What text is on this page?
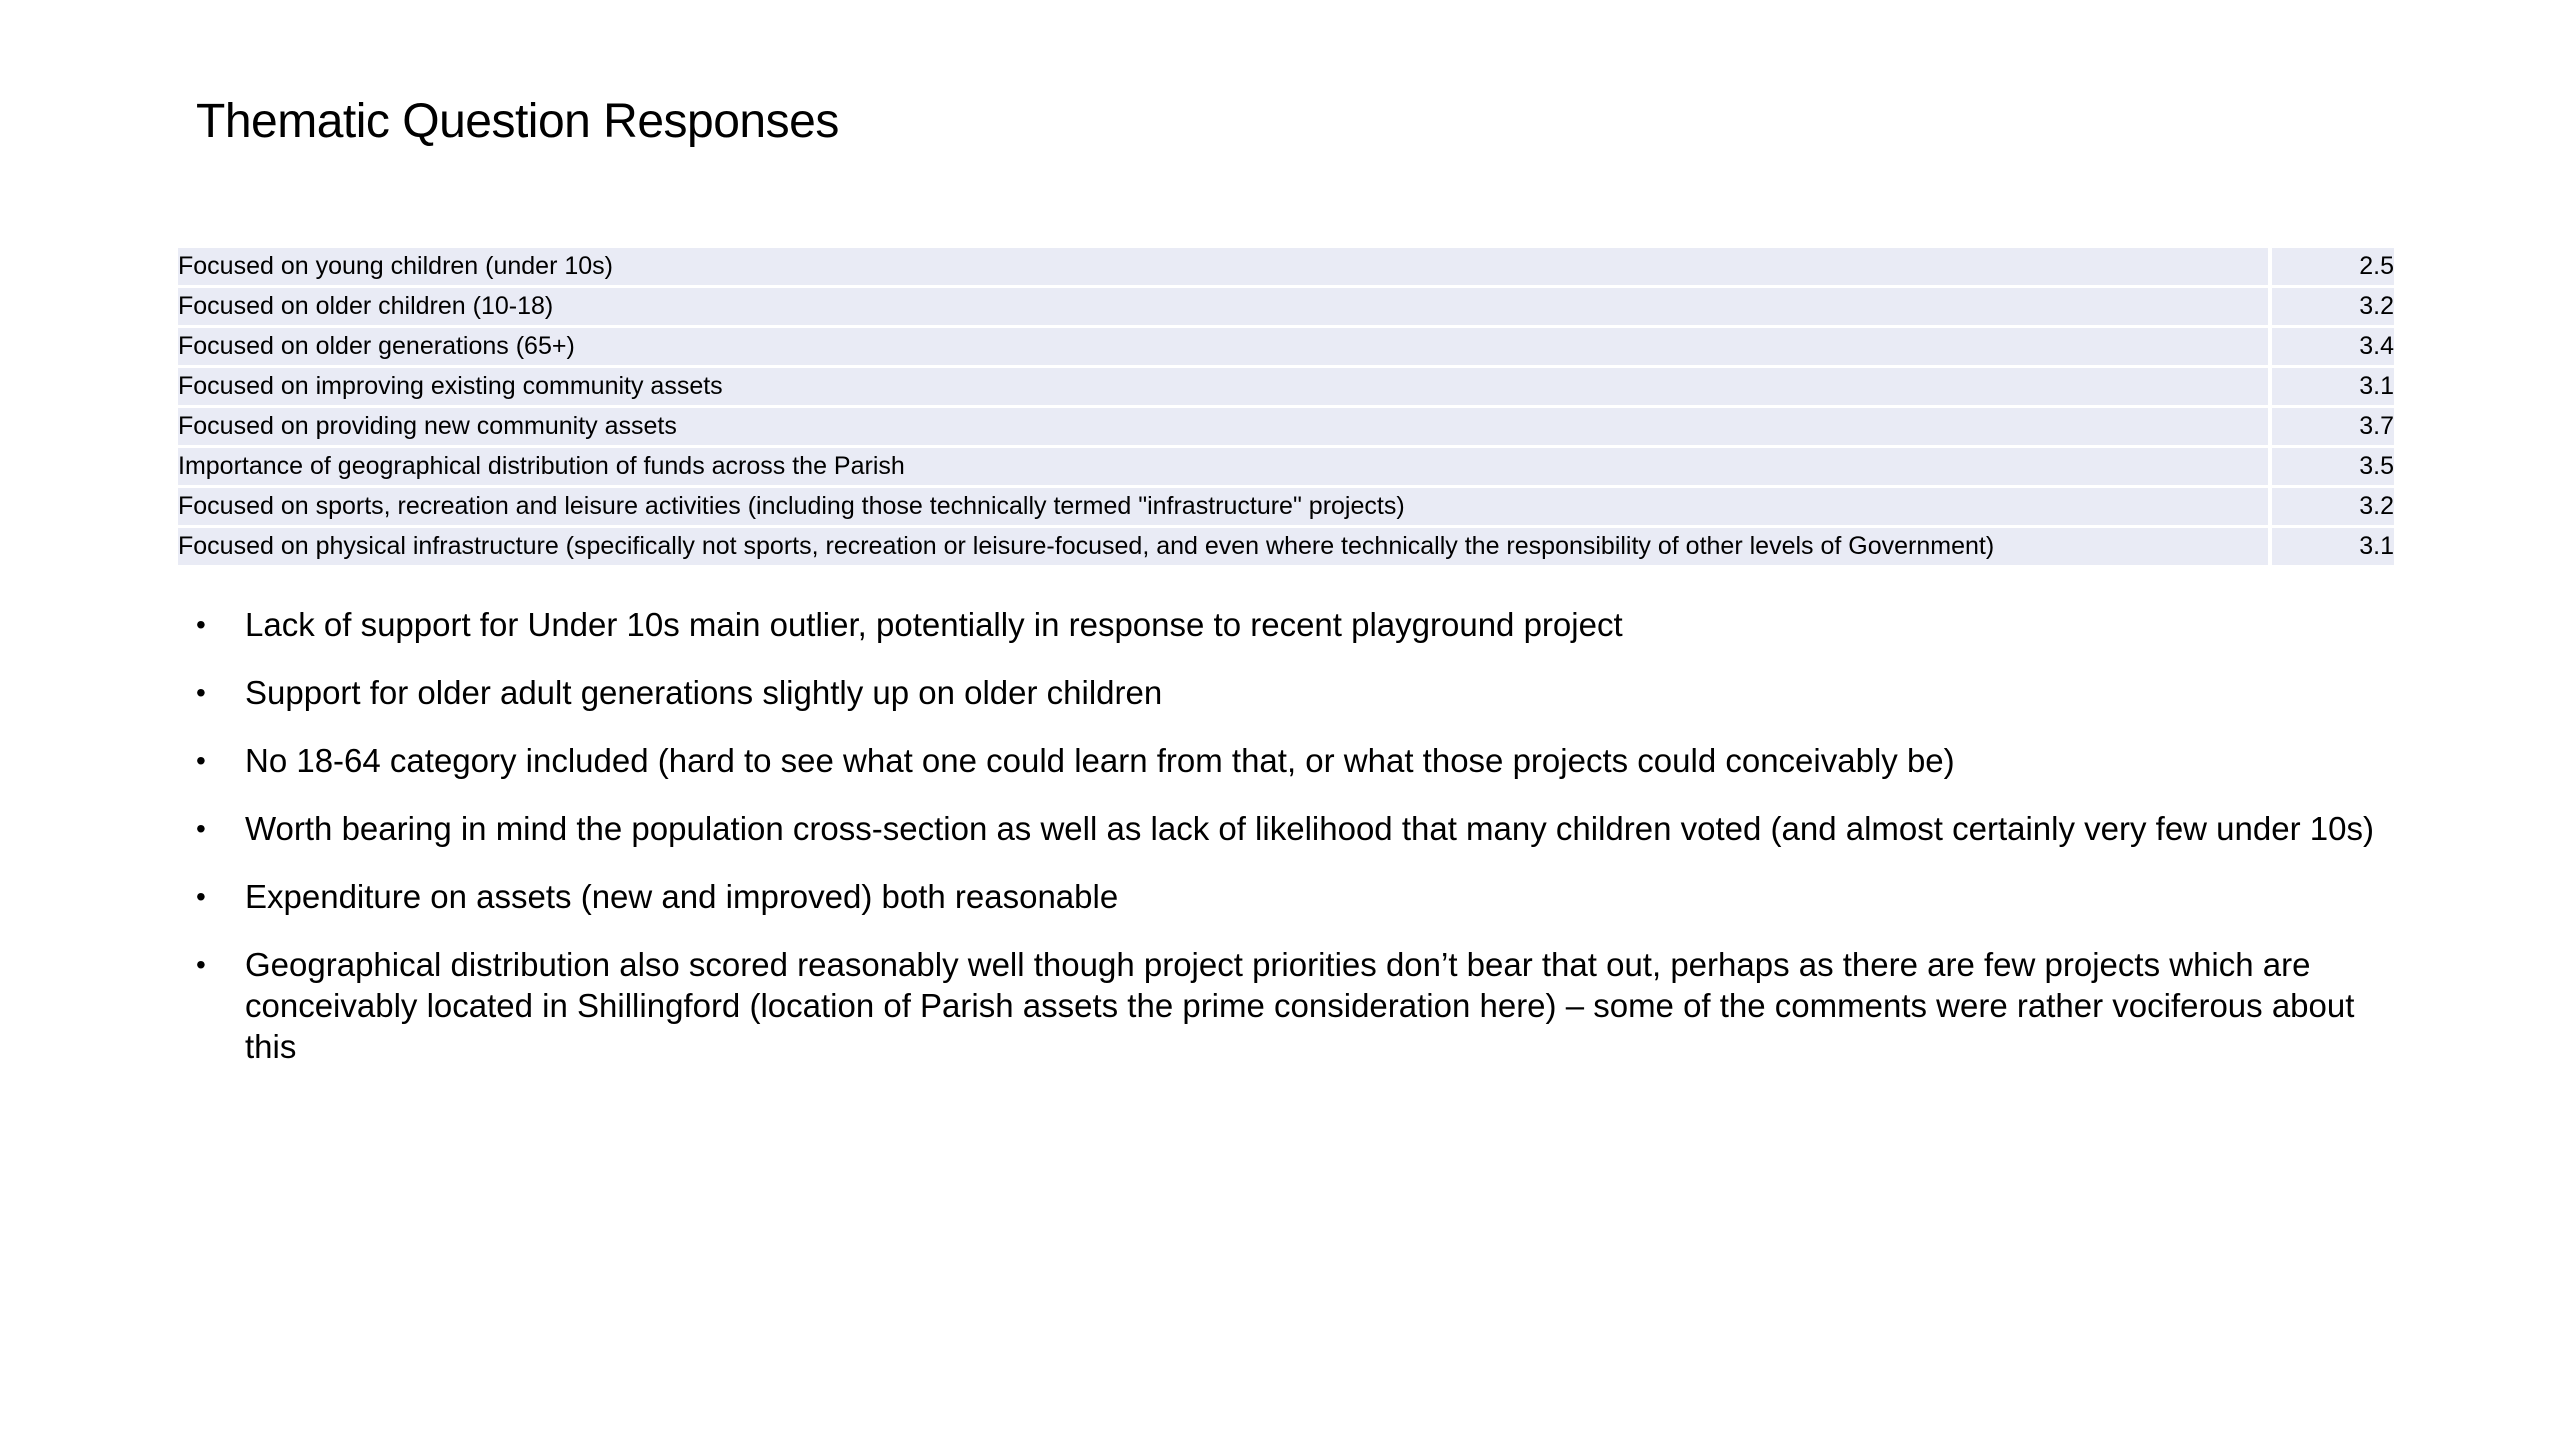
Thematic Question Responses
Focused on young children (under 10s)		2.5
Focused on older children (10-18)		3.2
Focused on older generations (65+)		3.4
Focused on improving existing community assets		3.1
Focused on providing new community assets		3.7
Importance of geographical distribution of funds across the Parish		3.5
Focused on sports, recreation and leisure activities (including those technically termed "infrastructure" projects)		3.2
Focused on physical infrastructure (specifically not sports, recreation or leisure-focused, and even where technically the responsibility of other levels of Government)		3.1
•	Lack of support for Under 10s main outlier, potentially in response to recent playground project
•	Support for older adult generations slightly up on older children
•	No 18-64 category included (hard to see what one could learn from that, or what those projects could conceivably be)
•	Worth bearing in mind the population cross-section as well as lack of likelihood that many children voted (and almost certainly very few under 10s)
•	Expenditure on assets (new and improved) both reasonable
•	Geographical distribution also scored reasonably well though project priorities don’t bear that out, perhaps as there are few projects which are conceivably located in Shillingford (location of Parish assets the prime consideration here) – some of the comments were rather vociferous about this
